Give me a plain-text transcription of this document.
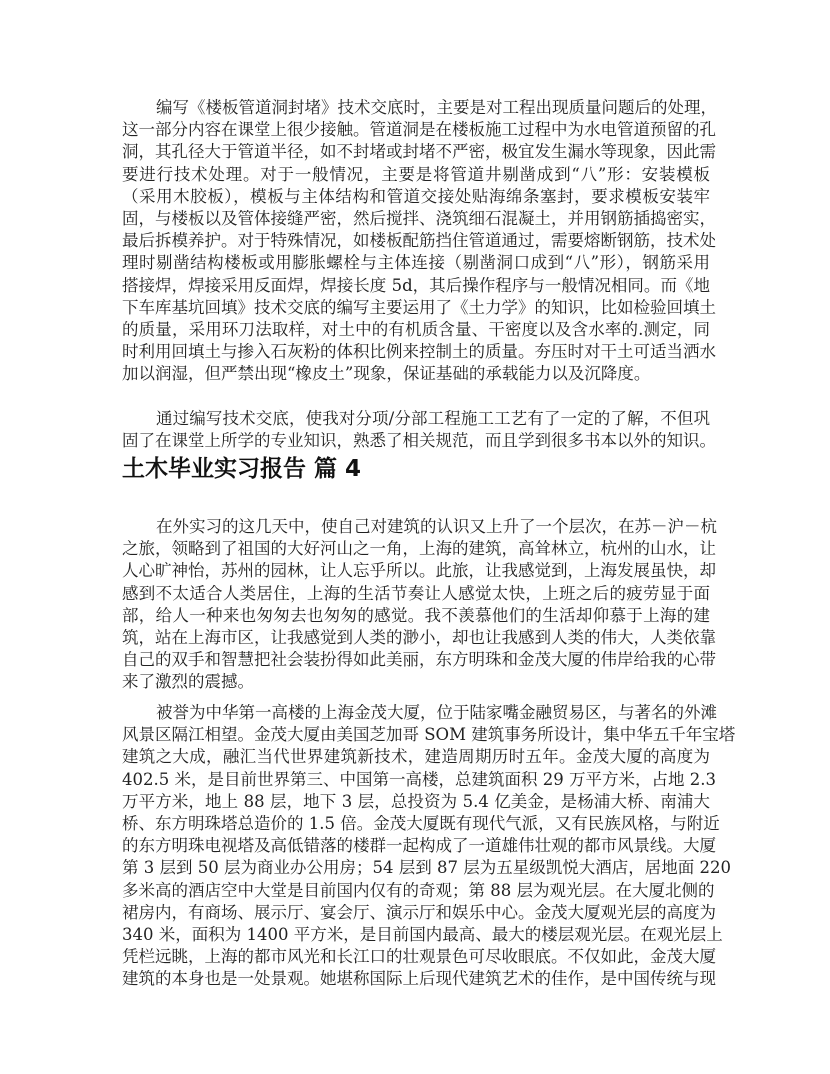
编写《楼板管道洞封堵》技术交底时，主要是对工程出现质量问题后的处理，
这一部分内容在课堂上很少接触。管道洞是在楼板施工过程中为水电管道预留的孔
洞，其孔径大于管道半径，如不封堵或封堵不严密，极宜发生漏水等现象，因此需
要进行技术处理。对于一般情况，主要是将管道井剔凿成到“八”形：安装模板
（采用木胶板），模板与主体结构和管道交接处贴海绵条塞封，要求模板安装牢
固，与楼板以及管体接缝严密，然后搅拌、浇筑细石混凝土，并用钢筋插捣密实，
最后拆模养护。对于特殊情况，如楼板配筋挡住管道通过，需要熔断钢筋，技术处
理时剔凿结构楼板或用膨胀螺栓与主体连接（剔凿洞口成到“八”形），钢筋采用
搭接焊，焊接采用反面焊，焊接长度 5d，其后操作程序与一般情况相同。而《地
下车库基坑回填》技术交底的编写主要运用了《土力学》的知识，比如检验回填土
的质量，采用环刀法取样，对土中的有机质含量、干密度以及含水率的.测定，同
时利用回填土与掺入石灰粉的体积比例来控制土的质量。夯压时对干土可适当洒水
加以润湿，但严禁出现“橡皮土”现象，保证基础的承载能力以及沉降度。
通过编写技术交底，使我对分项/分部工程施工工艺有了一定的了解，不但巩
固了在课堂上所学的专业知识，熟悉了相关规范，而且学到很多书本以外的知识。
土木毕业实习报告 篇 4
在外实习的这几天中，使自己对建筑的认识又上升了一个层次，在苏－沪－杭
之旅，领略到了祖国的大好河山之一角，上海的建筑，高耸林立，杭州的山水，让
人心旷神怡，苏州的园林，让人忘乎所以。此旅，让我感觉到，上海发展虽快，却
感到不太适合人类居住，上海的生活节奏让人感觉太快，上班之后的疲劳显于面
部，给人一种来也匆匆去也匆匆的感觉。我不羡慕他们的生活却仰慕于上海的建
筑，站在上海市区，让我感觉到人类的渺小，却也让我感到人类的伟大，人类依靠
自己的双手和智慧把社会装扮得如此美丽，东方明珠和金茂大厦的伟岸给我的心带
来了激烈的震撼。
被誉为中华第一高楼的上海金茂大厦，位于陆家嘴金融贸易区，与著名的外滩
风景区隔江相望。金茂大厦由美国芝加哥 SOM 建筑事务所设计，集中华五千年宝塔
建筑之大成，融汇当代世界建筑新技术，建造周期历时五年。金茂大厦的高度为
402.5 米，是目前世界第三、中国第一高楼，总建筑面积 29 万平方米，占地 2.3
万平方米，地上 88 层，地下 3 层，总投资为 5.4 亿美金，是杨浦大桥、南浦大
桥、东方明珠塔总造价的 1.5 倍。金茂大厦既有现代气派，又有民族风格，与附近
的东方明珠电视塔及高低错落的楼群一起构成了一道雄伟壮观的都市风景线。大厦
第 3 层到 50 层为商业办公用房；54 层到 87 层为五星级凯悦大酒店，居地面 220
多米高的酒店空中大堂是目前国内仅有的奇观；第 88 层为观光层。在大厦北侧的
裙房内，有商场、展示厅、宴会厅、演示厅和娱乐中心。金茂大厦观光层的高度为
340 米，面积为 1400 平方米，是目前国内最高、最大的楼层观光层。在观光层上
凭栏远眺，上海的都市风光和长江口的壮观景色可尽收眼底。不仅如此，金茂大厦
建筑的本身也是一处景观。她堪称国际上后现代建筑艺术的佳作，是中国传统与现
